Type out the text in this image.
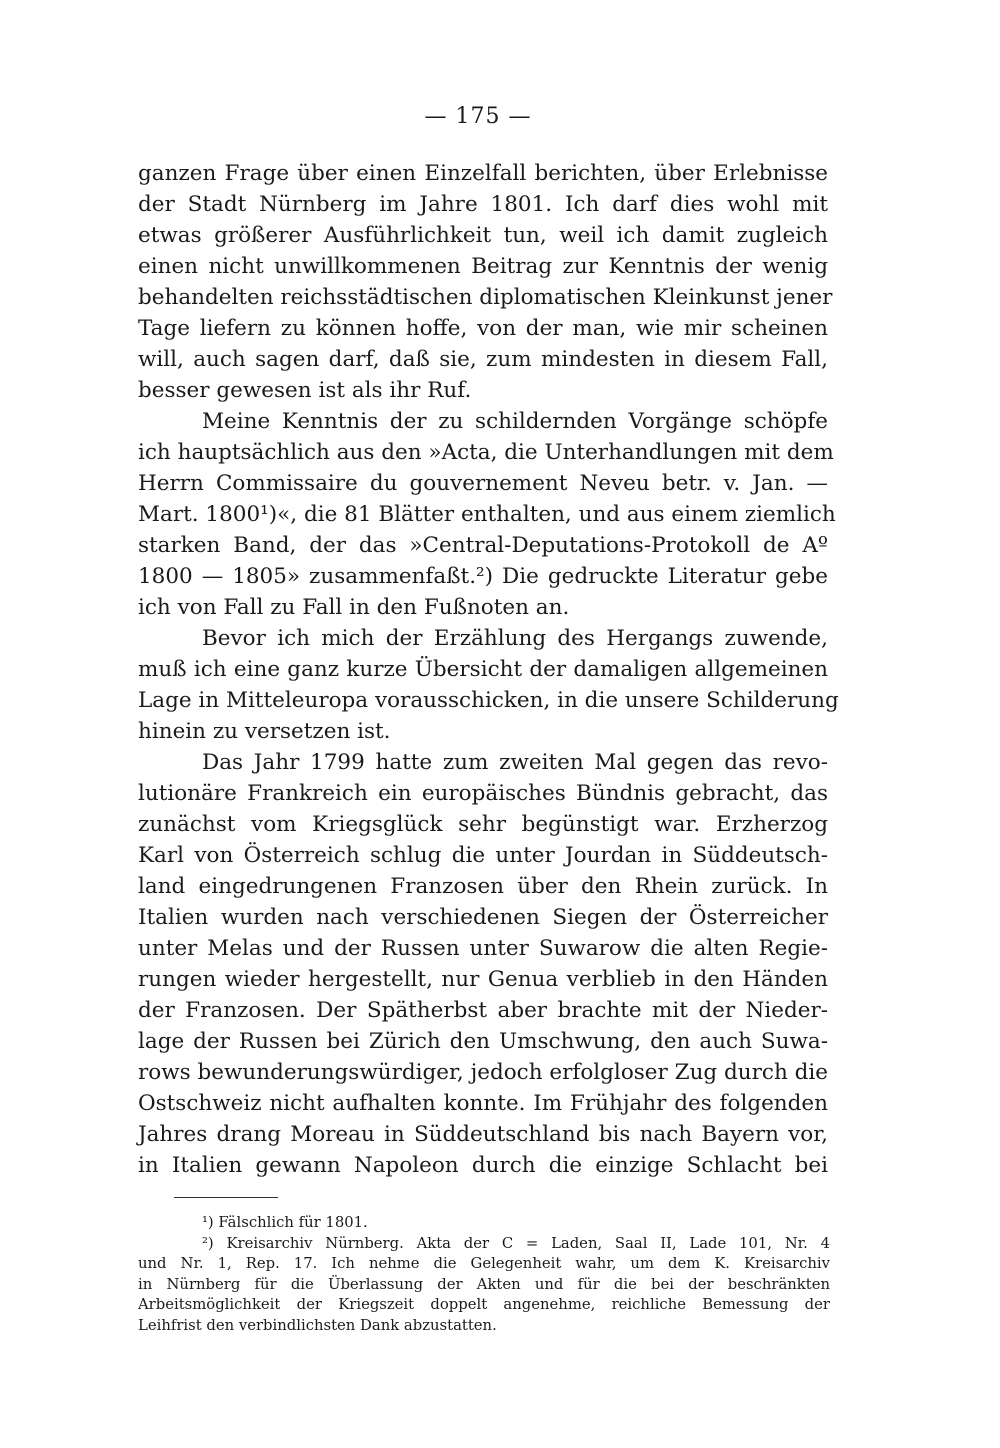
— 175 —
ganzen Frage über einen Einzelfall berichten, über Erlebnisse
der Stadt Nürnberg im Jahre 1801. Ich darf dies wohl mit
etwas größerer Ausführlichkeit tun, weil ich damit zugleich
einen nicht unwillkommenen Beitrag zur Kenntnis der wenig
behandelten reichsstädtischen diplomatischen Kleinkunst jener
Tage liefern zu können hoffe, von der man, wie mir scheinen
will, auch sagen darf, daß sie, zum mindesten in diesem Fall,
besser gewesen ist als ihr Ruf.
Meine Kenntnis der zu schildernden Vorgänge schöpfe
ich hauptsächlich aus den »Acta, die Unterhandlungen mit dem
Herrn Commissaire du gouvernement Neveu betr. v. Jan. —
Mart. 1800¹)«, die 81 Blätter enthalten, und aus einem ziemlich
starken Band, der das »Central-Deputations-Protokoll de Aº
1800 — 1805» zusammenfaßt.²) Die gedruckte Literatur gebe
ich von Fall zu Fall in den Fußnoten an.
Bevor ich mich der Erzählung des Hergangs zuwende,
muß ich eine ganz kurze Übersicht der damaligen allgemeinen
Lage in Mitteleuropa vorausschicken, in die unsere Schilderung
hinein zu versetzen ist.
Das Jahr 1799 hatte zum zweiten Mal gegen das revo-
lutionäre Frankreich ein europäisches Bündnis gebracht, das
zunächst vom Kriegsglück sehr begünstigt war. Erzherzog
Karl von Österreich schlug die unter Jourdan in Süddeutsch-
land eingedrungenen Franzosen über den Rhein zurück. In
Italien wurden nach verschiedenen Siegen der Österreicher
unter Melas und der Russen unter Suwarow die alten Regie-
rungen wieder hergestellt, nur Genua verblieb in den Händen
der Franzosen. Der Spätherbst aber brachte mit der Nieder-
lage der Russen bei Zürich den Umschwung, den auch Suwa-
rows bewunderungswürdiger, jedoch erfolgloser Zug durch die
Ostschweiz nicht aufhalten konnte. Im Frühjahr des folgenden
Jahres drang Moreau in Süddeutschland bis nach Bayern vor,
in Italien gewann Napoleon durch die einzige Schlacht bei
¹) Fälschlich für 1801.
²) Kreisarchiv Nürnberg. Akta der C = Laden, Saal II, Lade 101, Nr. 4
und Nr. 1, Rep. 17. Ich nehme die Gelegenheit wahr, um dem K. Kreisarchiv
in Nürnberg für die Überlassung der Akten und für die bei der beschränkten
Arbeitsmöglichkeit der Kriegszeit doppelt angenehme, reichliche Bemessung der
Leihfrist den verbindlichsten Dank abzustatten.
